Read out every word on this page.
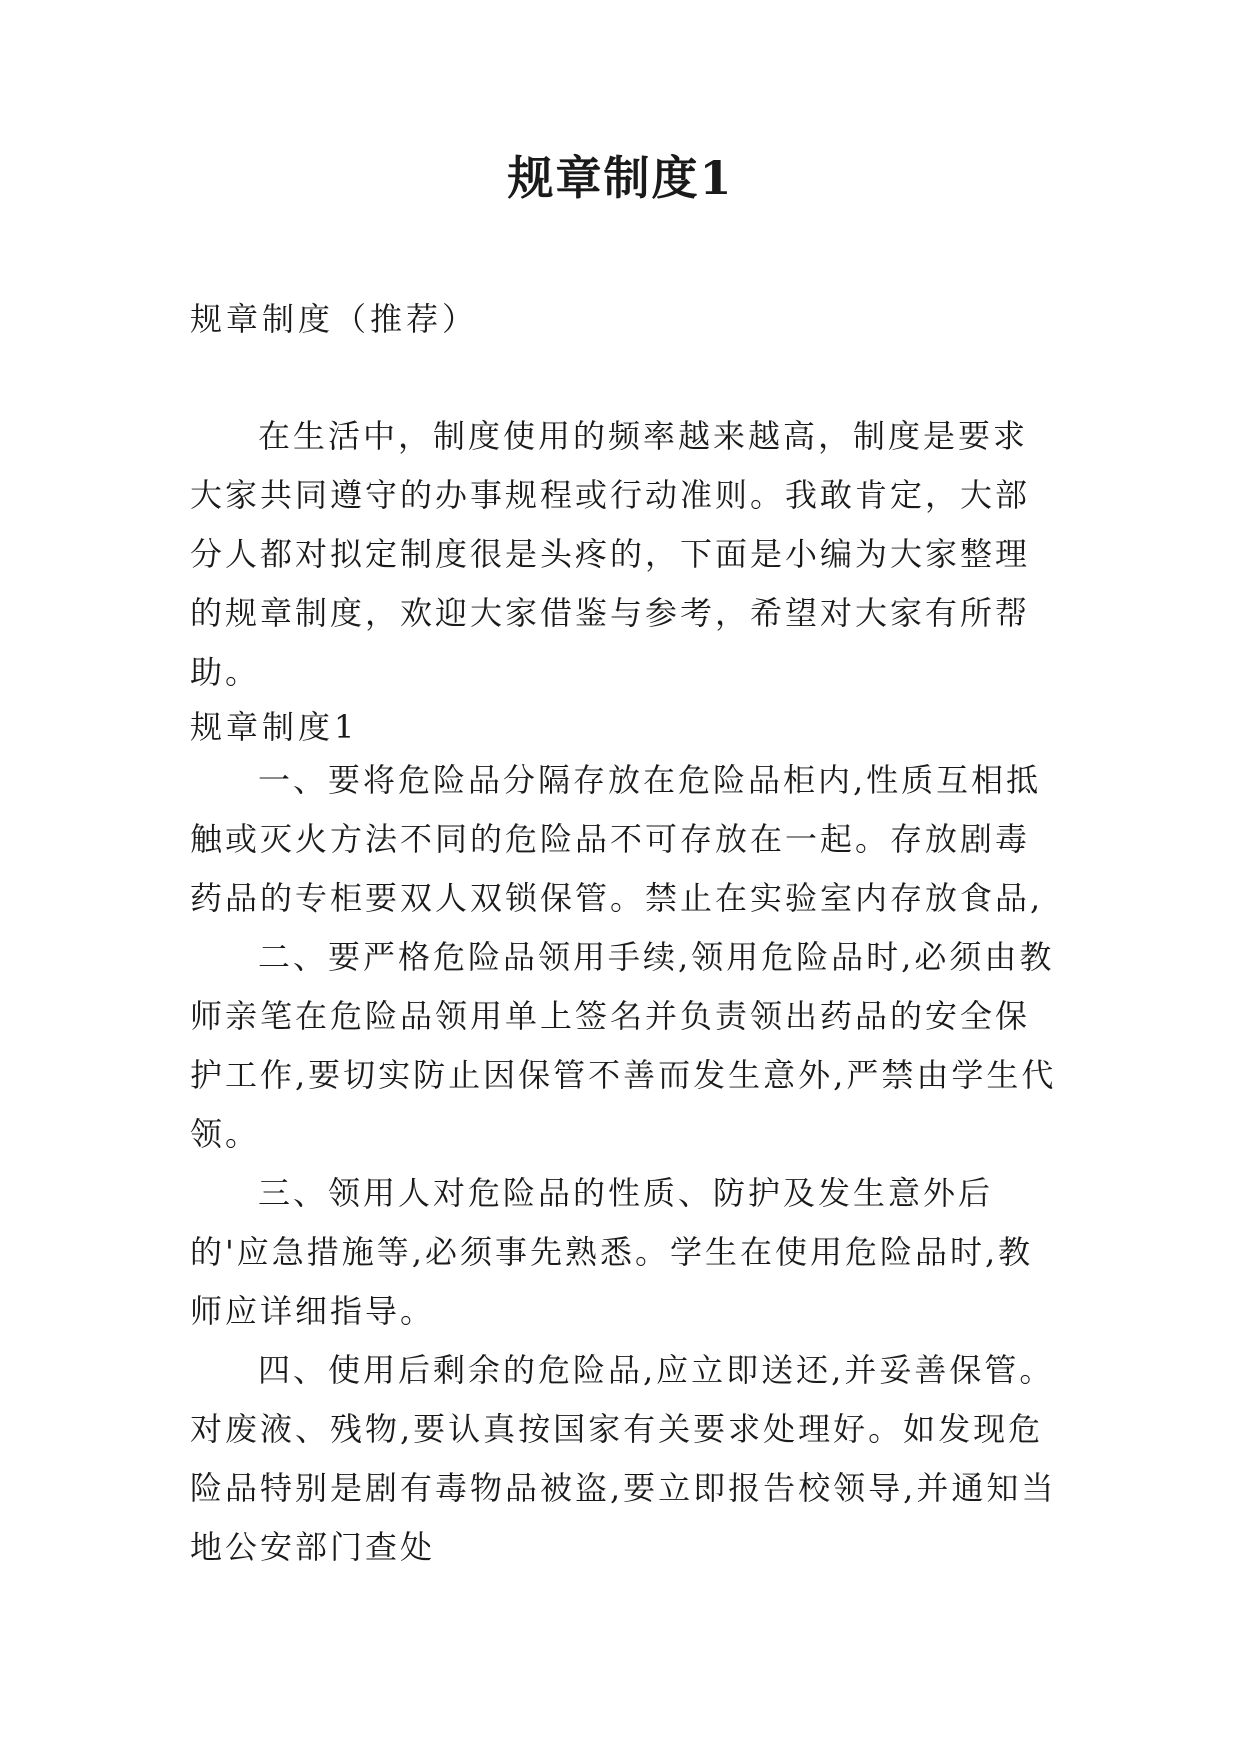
规章制度1
规章制度（推荐）

在生活中，制度使用的频率越来越高，制度是要求大家共同遵守的办事规程或行动准则。我敢肯定，大部分人都对拟定制度很是头疼的，下面是小编为大家整理的规章制度，欢迎大家借鉴与参考，希望对大家有所帮助。

规章制度1

一、要将危险品分隔存放在危险品柜内,性质互相抵触或灭火方法不同的危险品不可存放在一起。存放剧毒药品的专柜要双人双锁保管。禁止在实验室内存放食品,

二、要严格危险品领用手续,领用危险品时,必须由教师亲笔在危险品领用单上签名并负责领出药品的安全保护工作,要切实防止因保管不善而发生意外,严禁由学生代领。

三、领用人对危险品的性质、防护及发生意外后的'应急措施等,必须事先熟悉。学生在使用危险品时,教师应详细指导。

四、使用后剩余的危险品,应立即送还,并妥善保管。对废液、残物,要认真按国家有关要求处理好。如发现危险品特别是剧有毒物品被盗,要立即报告校领导,并通知当地公安部门查处
